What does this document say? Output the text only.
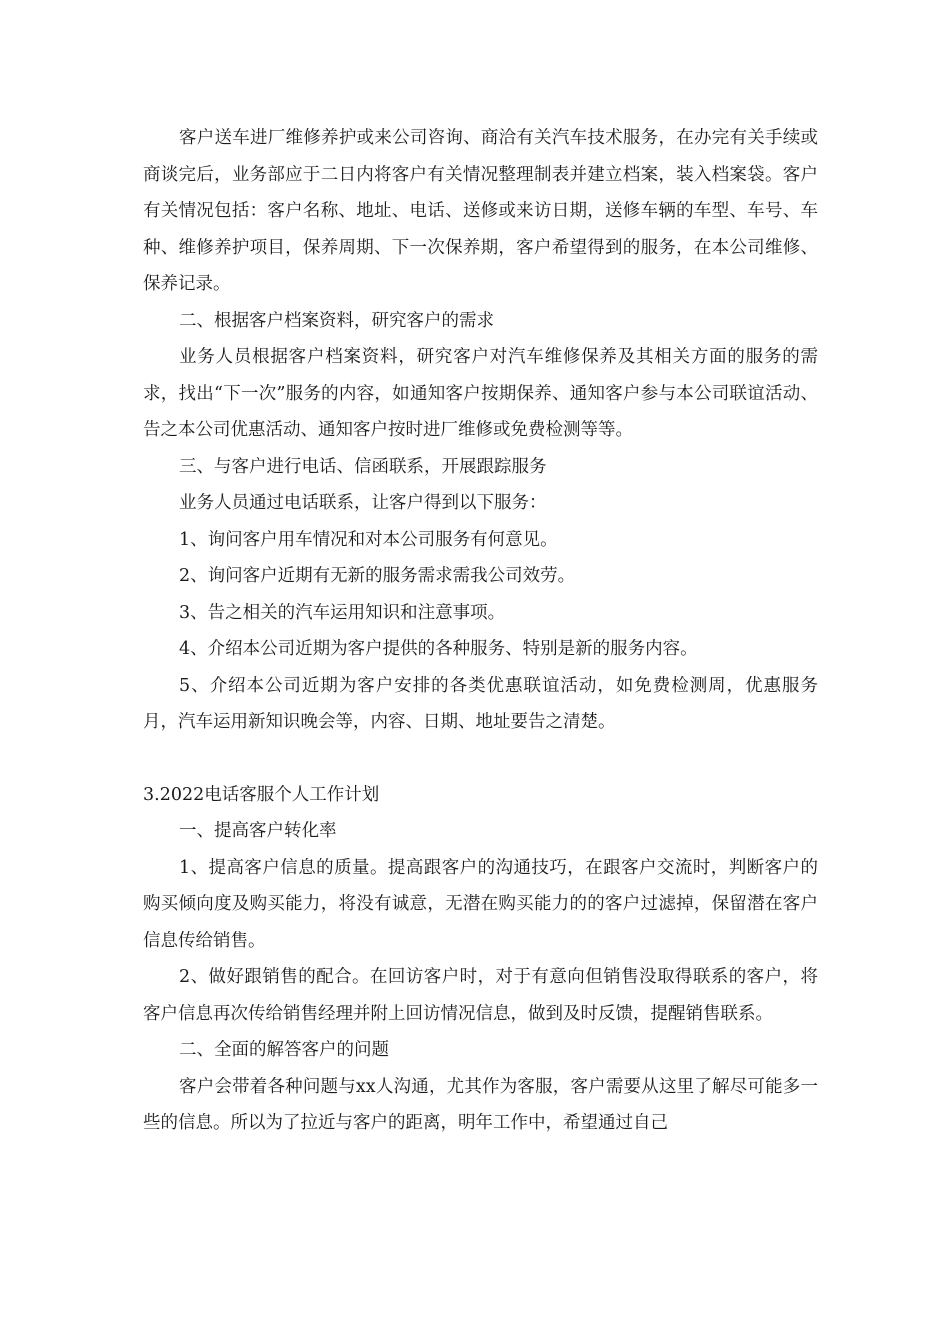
客户送车进厂维修养护或来公司咨询、商洽有关汽车技术服务，在办完有关手续或商谈完后，业务部应于二日内将客户有关情况整理制表并建立档案，装入档案袋。客户有关情况包括：客户名称、地址、电话、送修或来访日期，送修车辆的车型、车号、车种、维修养护项目，保养周期、下一次保养期，客户希望得到的服务，在本公司维修、保养记录。

二、根据客户档案资料，研究客户的需求

业务人员根据客户档案资料，研究客户对汽车维修保养及其相关方面的服务的需求，找出“下一次”服务的内容，如通知客户按期保养、通知客户参与本公司联谊活动、告之本公司优惠活动、通知客户按时进厂维修或免费检测等等。

三、与客户进行电话、信函联系，开展跟踪服务

业务人员通过电话联系，让客户得到以下服务：

1、询问客户用车情况和对本公司服务有何意见。

2、询问客户近期有无新的服务需求需我公司效劳。

3、告之相关的汽车运用知识和注意事项。

4、介绍本公司近期为客户提供的各种服务、特别是新的服务内容。

5、介绍本公司近期为客户安排的各类优惠联谊活动，如免费检测周，优惠服务月，汽车运用新知识晚会等，内容、日期、地址要告之清楚。

3.2022电话客服个人工作计划

一、提高客户转化率

1、提高客户信息的质量。提高跟客户的沟通技巧，在跟客户交流时，判断客户的购买倾向度及购买能力，将没有诚意，无潜在购买能力的的客户过滤掉，保留潜在客户信息传给销售。

2、做好跟销售的配合。在回访客户时，对于有意向但销售没取得联系的客户，将客户信息再次传给销售经理并附上回访情况信息，做到及时反馈，提醒销售联系。

二、全面的解答客户的问题

客户会带着各种问题与xx人沟通，尤其作为客服，客户需要从这里了解尽可能多一些的信息。所以为了拉近与客户的距离，明年工作中，希望通过自己
